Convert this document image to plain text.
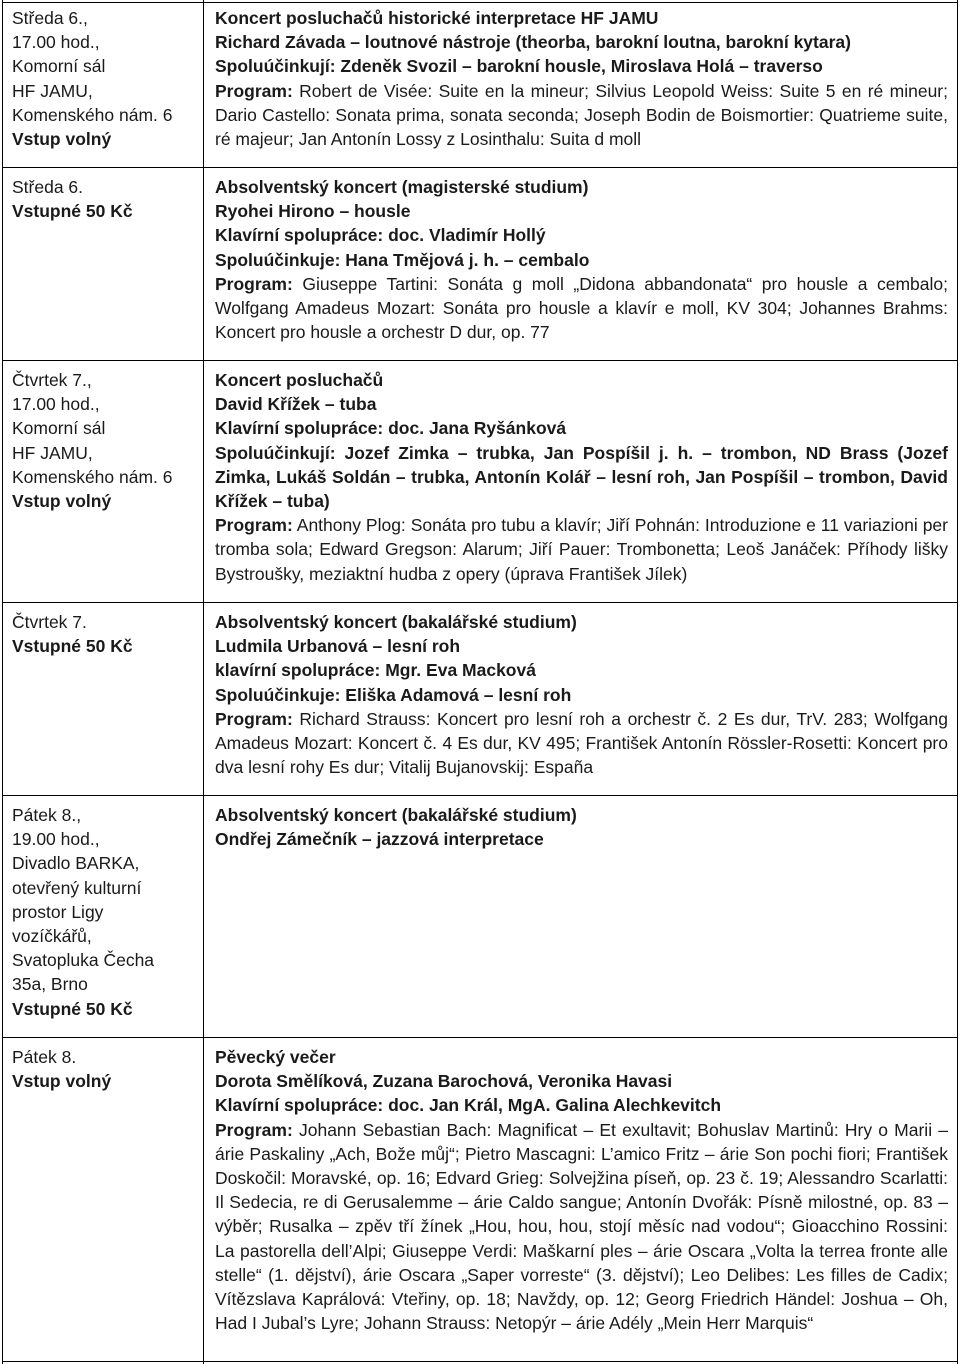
Středa 6.,
17.00 hod.,
Komorní sál
HF JAMU,
Komenského nám. 6
Vstup volný
Koncert posluchačů historické interpretace HF JAMU
Richard Závada – loutnové nástroje (theorba, barokní loutna, barokní kytara)
Spoluúčinkují: Zdeněk Svozil – barokní housle, Miroslava Holá – traverso
Program: Robert de Visée: Suite en la mineur; Silvius Leopold Weiss: Suite 5 en ré mineur; Dario Castello: Sonata prima, sonata seconda; Joseph Bodin de Boismortier: Quatrieme suite, ré majeur; Jan Antonín Lossy z Losinthalu: Suita d moll
Středa 6.
Vstupné 50 Kč
Absolventský koncert (magisterské studium)
Ryohei Hirono – housle
Klavírní spolupráce: doc. Vladimír Hollý
Spoluúčinkuje: Hana Tmějová j. h. – cembalo
Program: Giuseppe Tartini: Sonáta g moll „Didona abbandonata“ pro housle a cembalo; Wolfgang Amadeus Mozart: Sonáta pro housle a klavír e moll, KV 304; Johannes Brahms: Koncert pro housle a orchestr D dur, op. 77
Čtvrtek 7.,
17.00 hod.,
Komorní sál
HF JAMU,
Komenského nám. 6
Vstup volný
Koncert posluchačů
David Křížek – tuba
Klavírní spolupráce: doc. Jana Ryšánková
Spoluúčinkují: Jozef Zimka – trubka, Jan Pospíšil j. h. – trombon, ND Brass (Jozef Zimka, Lukáš Soldán – trubka, Antonín Kolář – lesní roh, Jan Pospíšil – trombon, David Křížek – tuba)
Program: Anthony Plog: Sonáta pro tubu a klavír; Jiří Pohnán: Introduzione e 11 variazioni per tromba sola; Edward Gregson: Alarum; Jiří Pauer: Trombonetta; Leoš Janáček: Příhody lišky Bystroušky, meziaktní hudba z opery (úprava František Jílek)
Čtvrtek 7.
Vstupné 50 Kč
Absolventský koncert (bakalářské studium)
Ludmila Urbanová – lesní roh
klavírní spolupráce: Mgr. Eva Macková
Spoluúčinkuje: Eliška Adamová – lesní roh
Program: Richard Strauss: Koncert pro lesní roh a orchestr č. 2 Es dur, TrV. 283; Wolfgang Amadeus Mozart: Koncert č. 4 Es dur, KV 495; František Antonín Rössler-Rosetti: Koncert pro dva lesní rohy Es dur; Vitalij Bujanovskij: España
Pátek 8.,
19.00 hod.,
Divadlo BARKA,
otevřený kulturní
prostor Ligy
vozíčkářů,
Svatopluka Čecha
35a, Brno
Vstupné 50 Kč
Absolventský koncert (bakalářské studium)
Ondřej Zámečník – jazzová interpretace
Pátek 8.
Vstup volný
Pěvecký večer
Dorota Smělíková, Zuzana Barochová, Veronika Havasi
Klavírní spolupráce: doc. Jan Král, MgA. Galina Alechkevitch
Program: Johann Sebastian Bach: Magnificat – Et exultavit; Bohuslav Martinů: Hry o Marii – árie Paskaliny „Ach, Bože můj“; Pietro Mascagni: L’amico Fritz – árie Son pochi fiori; František Doskočil: Moravské, op. 16; Edvard Grieg: Solvejžina píseň, op. 23 č. 19; Alessandro Scarlatti: Il Sedecia, re di Gerusalemme – árie Caldo sangue; Antonín Dvořák: Písně milostné, op. 83 – výběr; Rusalka – zpěv tří žínek „Hou, hou, hou, stojí měsíc nad vodou“; Gioacchino Rossini: La pastorella dell’Alpi; Giuseppe Verdi: Maškarní ples – árie Oscara „Volta la terrea fronte alle stelle“ (1. dějství), árie Oscara „Saper vorreste“ (3. dějství); Leo Delibes: Les filles de Cadix; Vítězslava Kaprálová: Vteřiny, op. 18; Navždy, op. 12; Georg Friedrich Händel: Joshua – Oh, Had I Jubal’s Lyre; Johann Strauss: Netopýr – árie Adély „Mein Herr Marquis“
